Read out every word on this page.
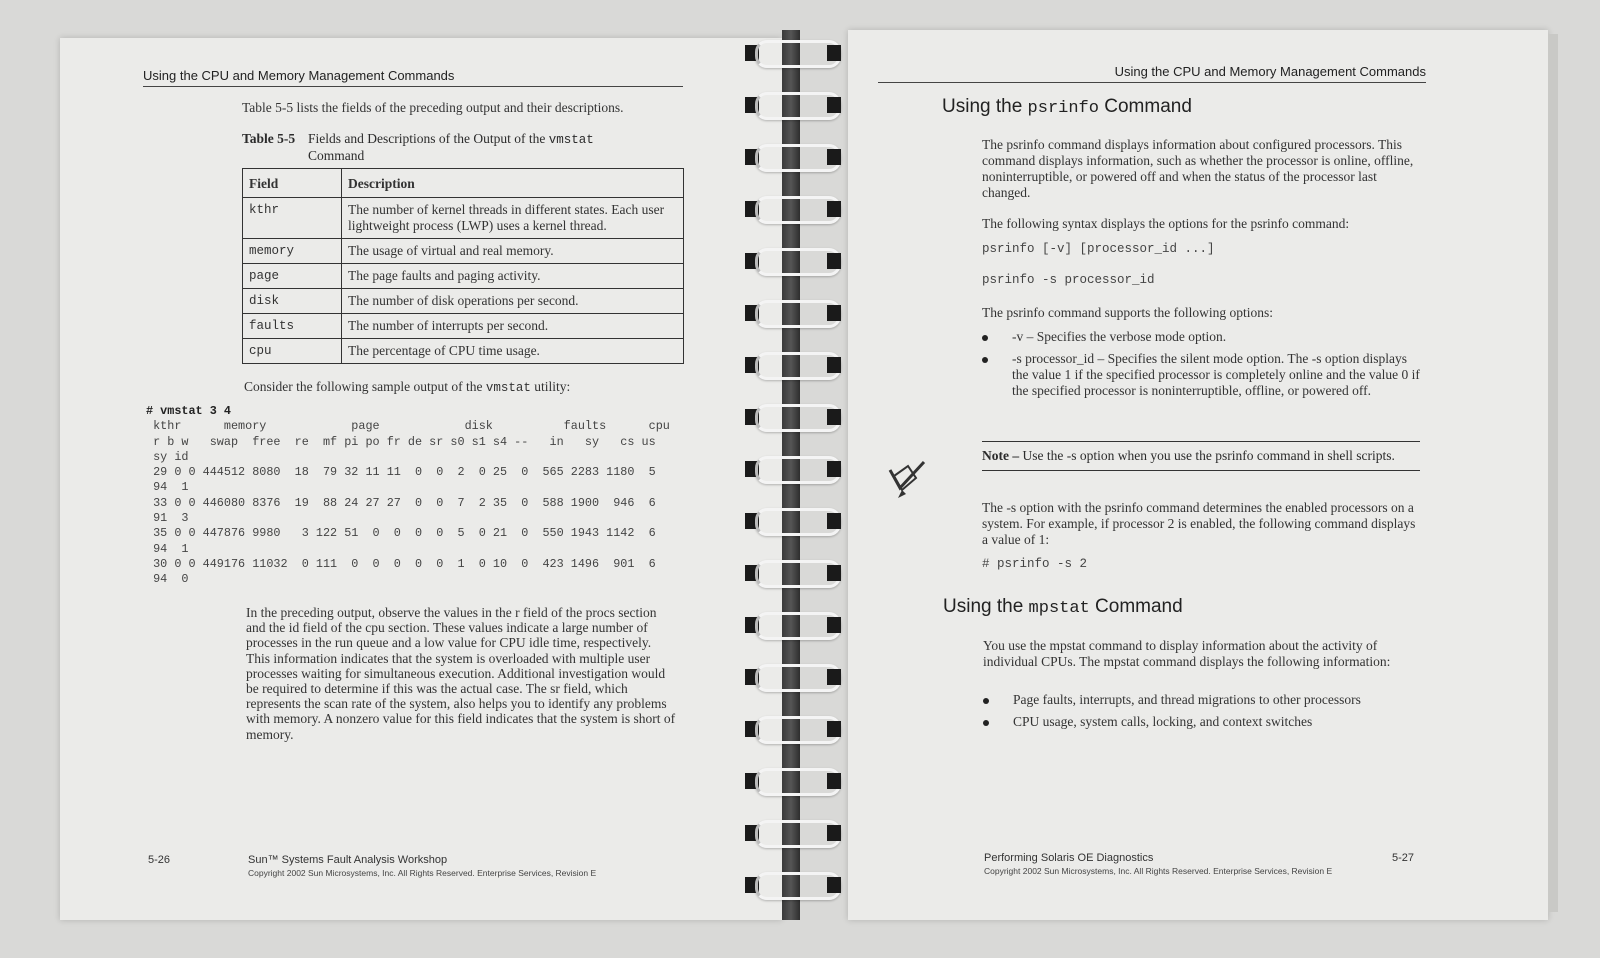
Using the CPU and Memory Management Commands

Table 5-5 lists the fields of the preceding output and their descriptions.

Table 5-5 Fields and Descriptions of the Output of the vmstat
Command
Field	Description
kthr	The number of kernel threads in different states. Each user lightweight process (LWP) uses a kernel thread.
memory	The usage of virtual and real memory.
page	The page faults and paging activity.
disk	The number of disk operations per second.
faults	The number of interrupts per second.
cpu	The percentage of CPU time usage.

Consider the following sample output of the vmstat utility:

# vmstat 3 4
kthr      memory            page            disk          faults      cpu
r b w   swap  free  re  mf pi po fr de sr s0 s1 s4 --   in   sy   cs us
sy id
29 0 0 444512 8080  18  79 32 11 11  0  0  2  0 25  0  565 2283 1180  5
94  1
33 0 0 446080 8376  19  88 24 27 27  0  0  7  2 35  0  588 1900  946  6
91  3
35 0 0 447876 9980   3 122 51  0  0  0  0  5  0 21  0  550 1943 1142  6
94  1
30 0 0 449176 11032  0 111  0  0  0  0  0  1  0 10  0  423 1496  901  6
94  0

In the preceding output, observe the values in the r field of the procs section and the id field of the cpu section. These values indicate a large number of processes in the run queue and a low value for CPU idle time, respectively. This information indicates that the system is overloaded with multiple user processes waiting for simultaneous execution. Additional investigation would be required to determine if this was the actual case. The sr field, which represents the scan rate of the system, also helps you to identify any problems with memory. A nonzero value for this field indicates that the system is short of memory.

5-26	Sun™ Systems Fault Analysis Workshop
Copyright 2002 Sun Microsystems, Inc. All Rights Reserved. Enterprise Services, Revision E
Using the CPU and Memory Management Commands
Using the psrinfo Command

The psrinfo command displays information about configured processors. This command displays information, such as whether the processor is online, offline, noninterruptible, or powered off and when the status of the processor last changed.

The following syntax displays the options for the psrinfo command:

psrinfo [-v] [processor_id ...]
psrinfo -s processor_id

The psrinfo command supports the following options:

-v – Specifies the verbose mode option.
-s processor_id – Specifies the silent mode option. The -s option displays the value 1 if the specified processor is completely online and the value 0 if the specified processor is noninterruptible, offline, or powered off.
Note – Use the -s option when you use the psrinfo command in shell scripts.

The -s option with the psrinfo command determines the enabled processors on a system. For example, if processor 2 is enabled, the following command displays a value of 1:

# psrinfo -s 2
Using the mpstat Command

You use the mpstat command to display information about the activity of individual CPUs. The mpstat command displays the following information:

Page faults, interrupts, and thread migrations to other processors
CPU usage, system calls, locking, and context switches
Performing Solaris OE Diagnostics	5-27
Copyright 2002 Sun Microsystems, Inc. All Rights Reserved. Enterprise Services, Revision E
